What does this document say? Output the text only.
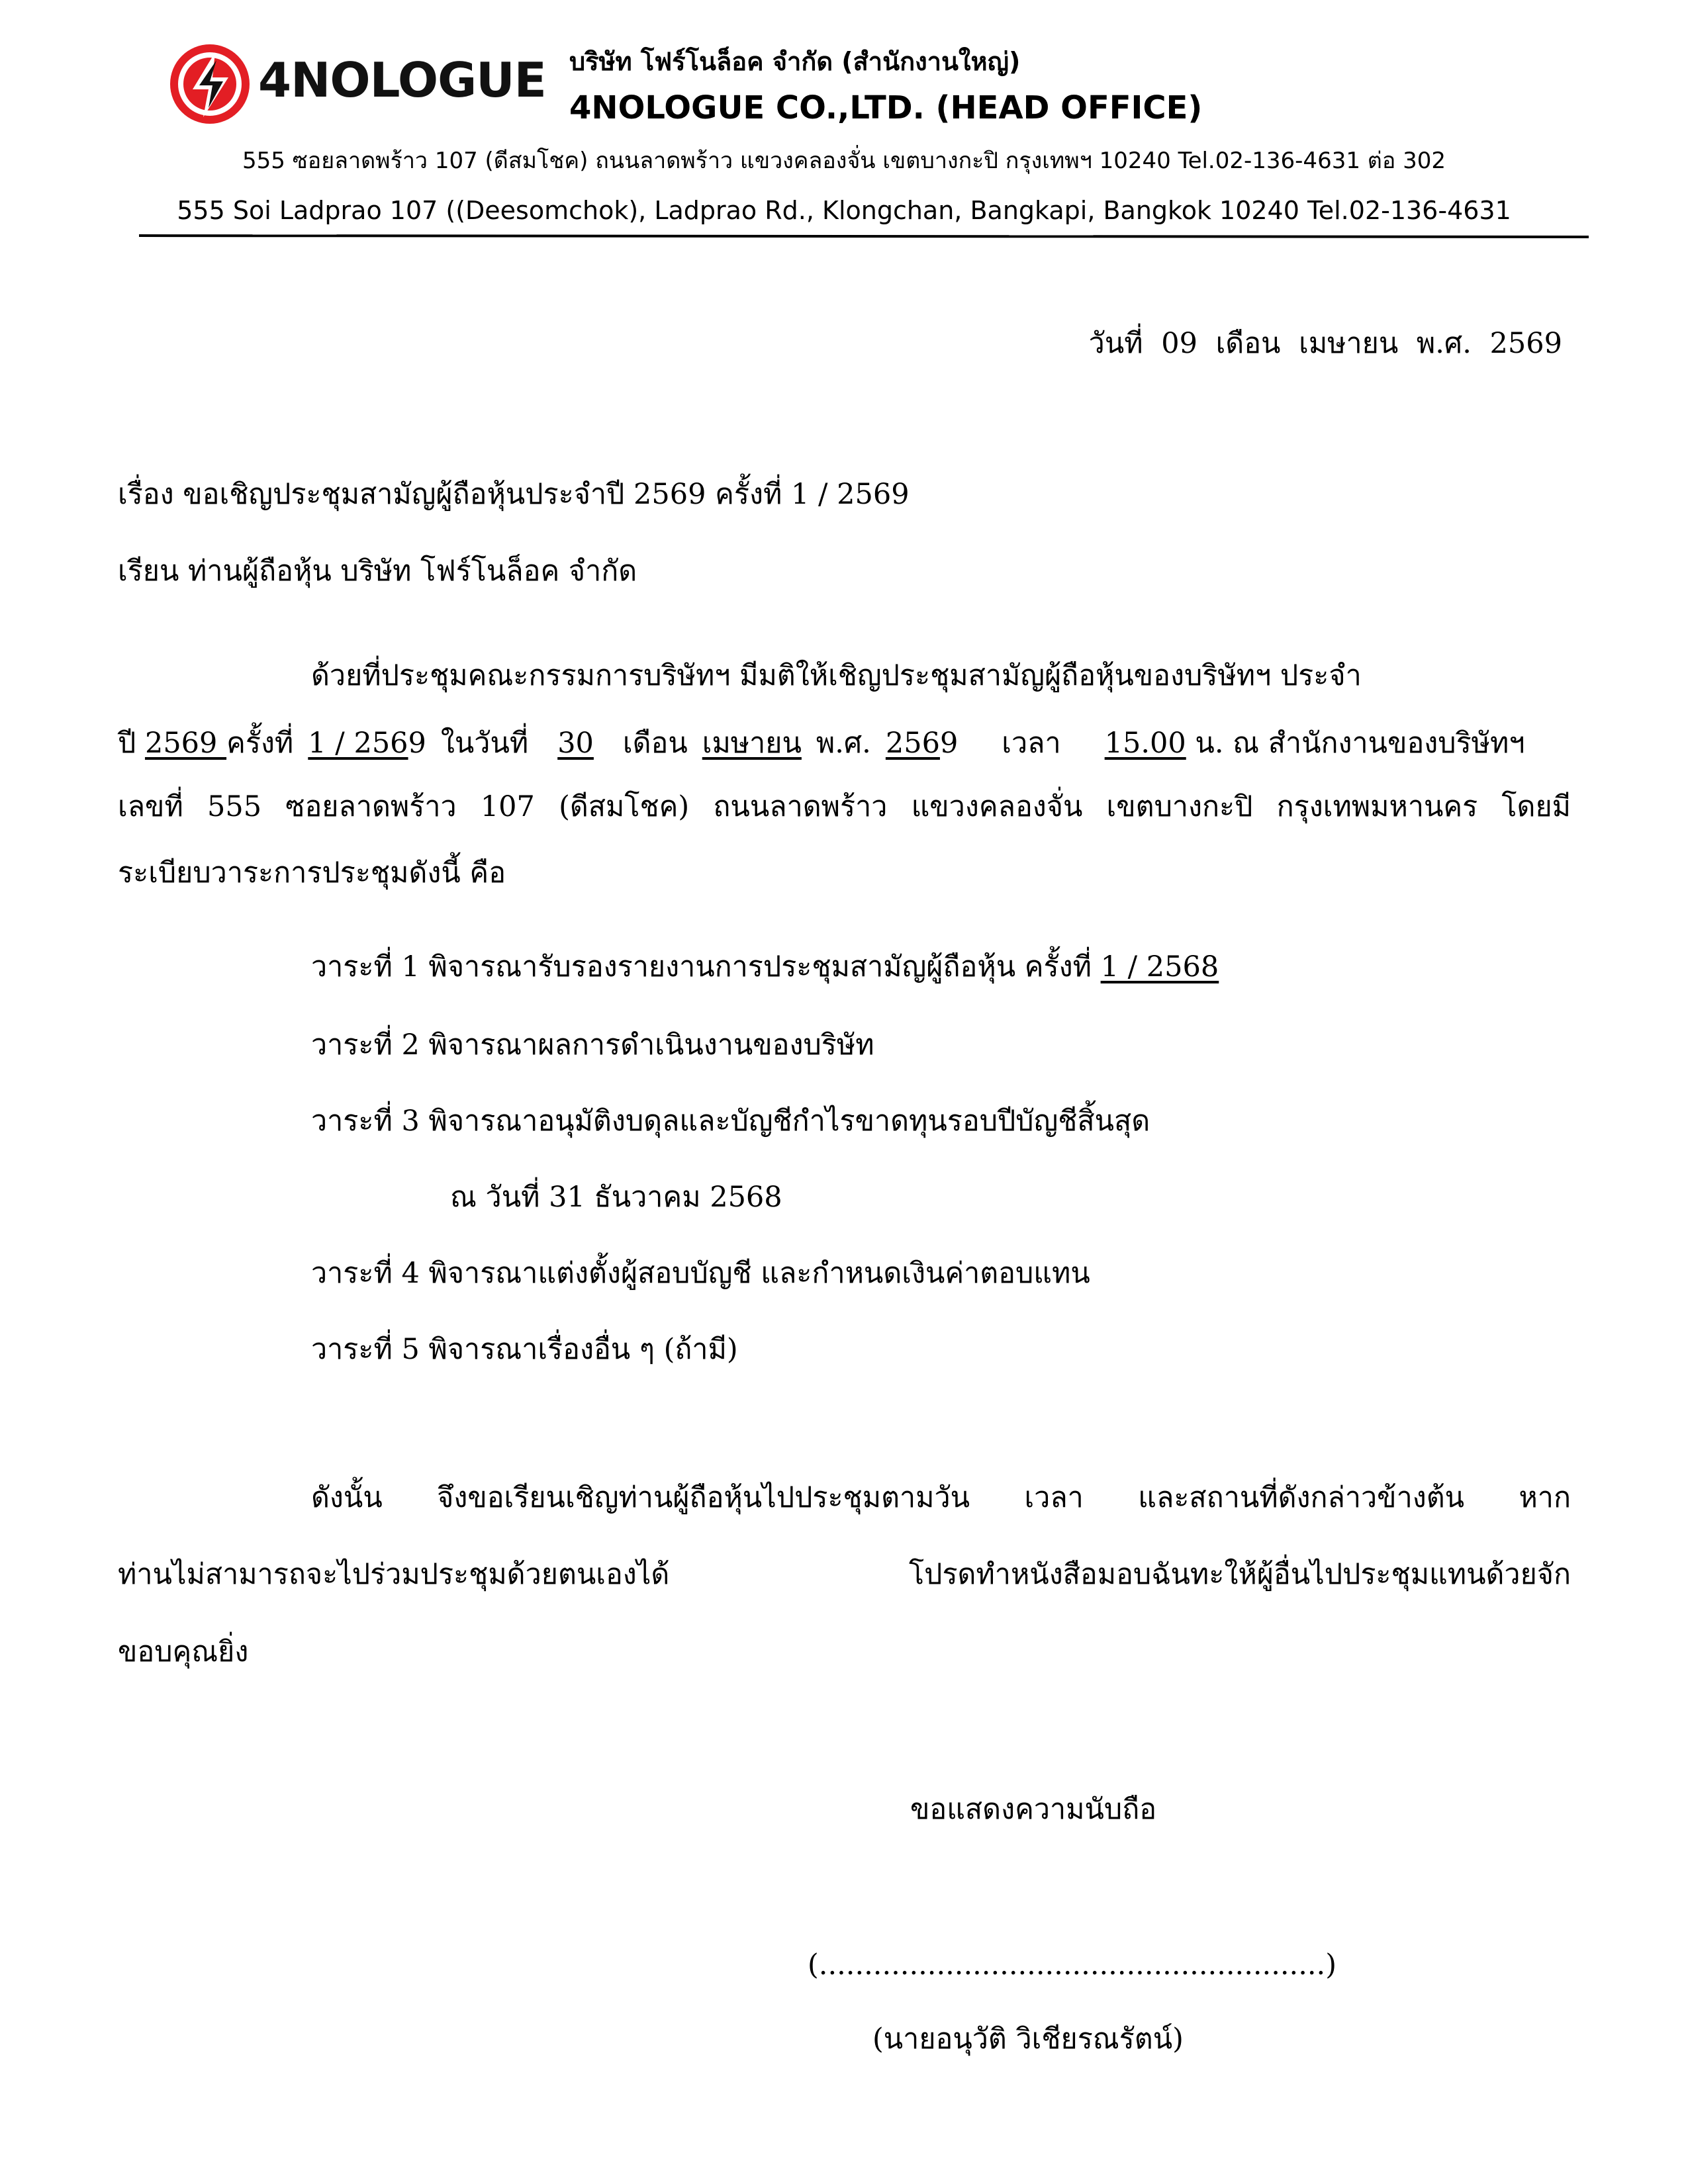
4NOLOGUE บริษัท โฟร์โนล็อค จำกัด (สำนักงานใหญ่)
4NOLOGUE CO.,LTD. (HEAD OFFICE)
555 ซอยลาดพร้าว 107 (ดีสมโชค) ถนนลาดพร้าว แขวงคลองจั่น เขตบางกะปิ กรุงเทพฯ 10240 Tel.02-136-4631 ต่อ 302
555 Soi Ladprao 107 ((Deesomchok), Ladprao Rd., Klongchan, Bangkapi, Bangkok 10240 Tel.02-136-4631
วันที่ 09 เดือน เมษายน พ.ศ. 2569
เรื่อง ขอเชิญประชุมสามัญผู้ถือหุ้นประจำปี 2569 ครั้งที่ 1 / 2569
เรียน ท่านผู้ถือหุ้น บริษัท โฟร์โนล็อค จำกัด
ด้วยที่ประชุมคณะกรรมการบริษัทฯ มีมติให้เชิญประชุมสามัญผู้ถือหุ้นของบริษัทฯ ประจำ
ปี 2569 ครั้งที่ 1 / 2569 ในวันที่ 30 เดือน เมษายน พ.ศ. 2569 เวลา 15.00 น. ณ สำนักงานของบริษัทฯ
เลขที่ 555 ซอยลาดพร้าว 107 (ดีสมโชค) ถนนลาดพร้าว แขวงคลองจั่น เขตบางกะปิ กรุงเทพมหานคร โดยมี
ระเบียบวาระการประชุมดังนี้ คือ
วาระที่ 1 พิจารณารับรองรายงานการประชุมสามัญผู้ถือหุ้น ครั้งที่ 1 / 2568
วาระที่ 2 พิจารณาผลการดำเนินงานของบริษัท
วาระที่ 3 พิจารณาอนุมัติงบดุลและบัญชีกำไรขาดทุนรอบปีบัญชีสิ้นสุด
ณ วันที่ 31 ธันวาคม 2568
วาระที่ 4 พิจารณาแต่งตั้งผู้สอบบัญชี และกำหนดเงินค่าตอบแทน
วาระที่ 5 พิจารณาเรื่องอื่น ๆ (ถ้ามี)
ดังนั้น จึงขอเรียนเชิญท่านผู้ถือหุ้นไปประชุมตามวัน เวลา และสถานที่ดังกล่าวข้างต้น หาก
ท่านไม่สามารถจะไปร่วมประชุมด้วยตนเองได้ โปรดทำหนังสือมอบฉันทะให้ผู้อื่นไปประชุมแทนด้วยจัก
ขอบคุณยิ่ง
ขอแสดงความนับถือ
(........................................................)
(นายอนุวัติ วิเชียรณรัตน์)
